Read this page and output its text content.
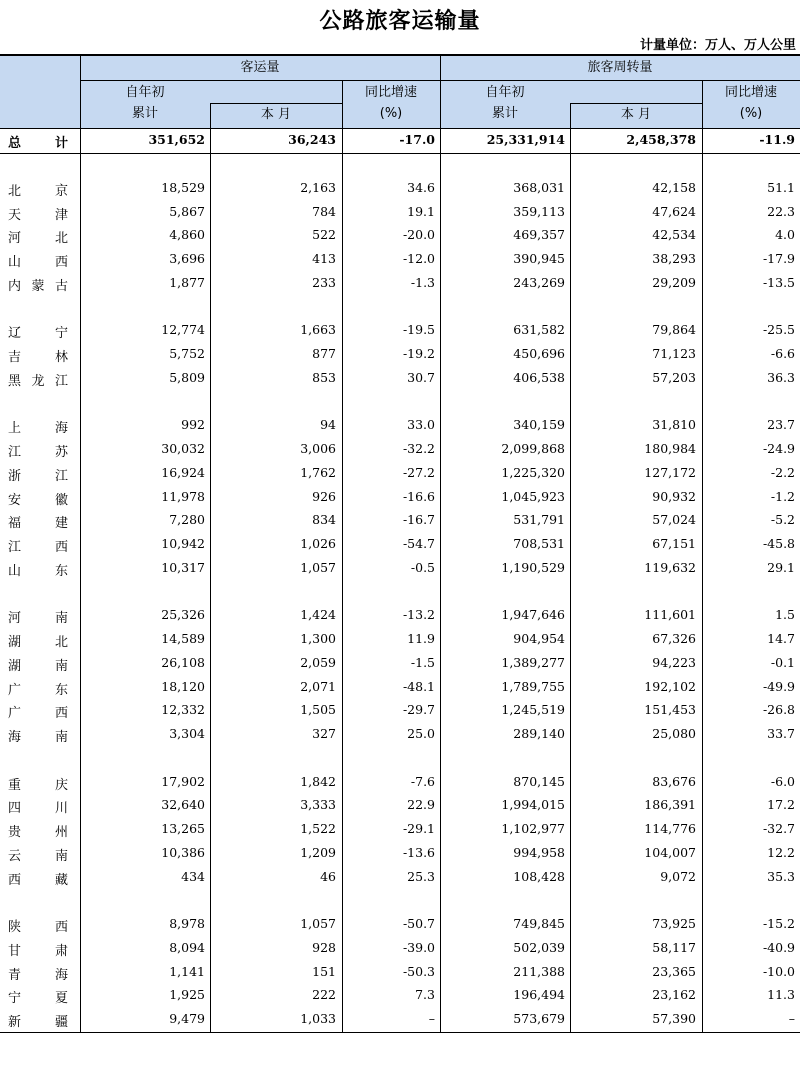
公路旅客运输量
计量单位：万人、万人公里
客运量	旅客周转量
自年初
累计	本 月
同比增速
(%)
自年初
累计	本 月
同比增速
(%)
总 计	351,652	36,243	-17.0	25,331,914	2,458,378	-11.9
北京	18,529	2,163	34.6	368,031	42,158	51.1
天津	5,867	784	19.1	359,113	47,624	22.3
河北	4,860	522	-20.0	469,357	42,534	4.0
山西	3,696	413	-12.0	390,945	38,293	-17.9
内蒙古	1,877	233	-1.3	243,269	29,209	-13.5
辽宁	12,774	1,663	-19.5	631,582	79,864	-25.5
吉林	5,752	877	-19.2	450,696	71,123	-6.6
黑龙江	5,809	853	30.7	406,538	57,203	36.3
上海	992	94	33.0	340,159	31,810	23.7
江苏	30,032	3,006	-32.2	2,099,868	180,984	-24.9
浙江	16,924	1,762	-27.2	1,225,320	127,172	-2.2
安徽	11,978	926	-16.6	1,045,923	90,932	-1.2
福建	7,280	834	-16.7	531,791	57,024	-5.2
江西	10,942	1,026	-54.7	708,531	67,151	-45.8
山东	10,317	1,057	-0.5	1,190,529	119,632	29.1
河南	25,326	1,424	-13.2	1,947,646	111,601	1.5
湖北	14,589	1,300	11.9	904,954	67,326	14.7
湖南	26,108	2,059	-1.5	1,389,277	94,223	-0.1
广东	18,120	2,071	-48.1	1,789,755	192,102	-49.9
广西	12,332	1,505	-29.7	1,245,519	151,453	-26.8
海南	3,304	327	25.0	289,140	25,080	33.7
重庆	17,902	1,842	-7.6	870,145	83,676	-6.0
四川	32,640	3,333	22.9	1,994,015	186,391	17.2
贵州	13,265	1,522	-29.1	1,102,977	114,776	-32.7
云南	10,386	1,209	-13.6	994,958	104,007	12.2
西藏	434	46	25.3	108,428	9,072	35.3
陕西	8,978	1,057	-50.7	749,845	73,925	-15.2
甘肃	8,094	928	-39.0	502,039	58,117	-40.9
青海	1,141	151	-50.3	211,388	23,365	-10.0
宁夏	1,925	222	7.3	196,494	23,162	11.3
新疆	9,479	1,033	–	573,679	57,390	–
